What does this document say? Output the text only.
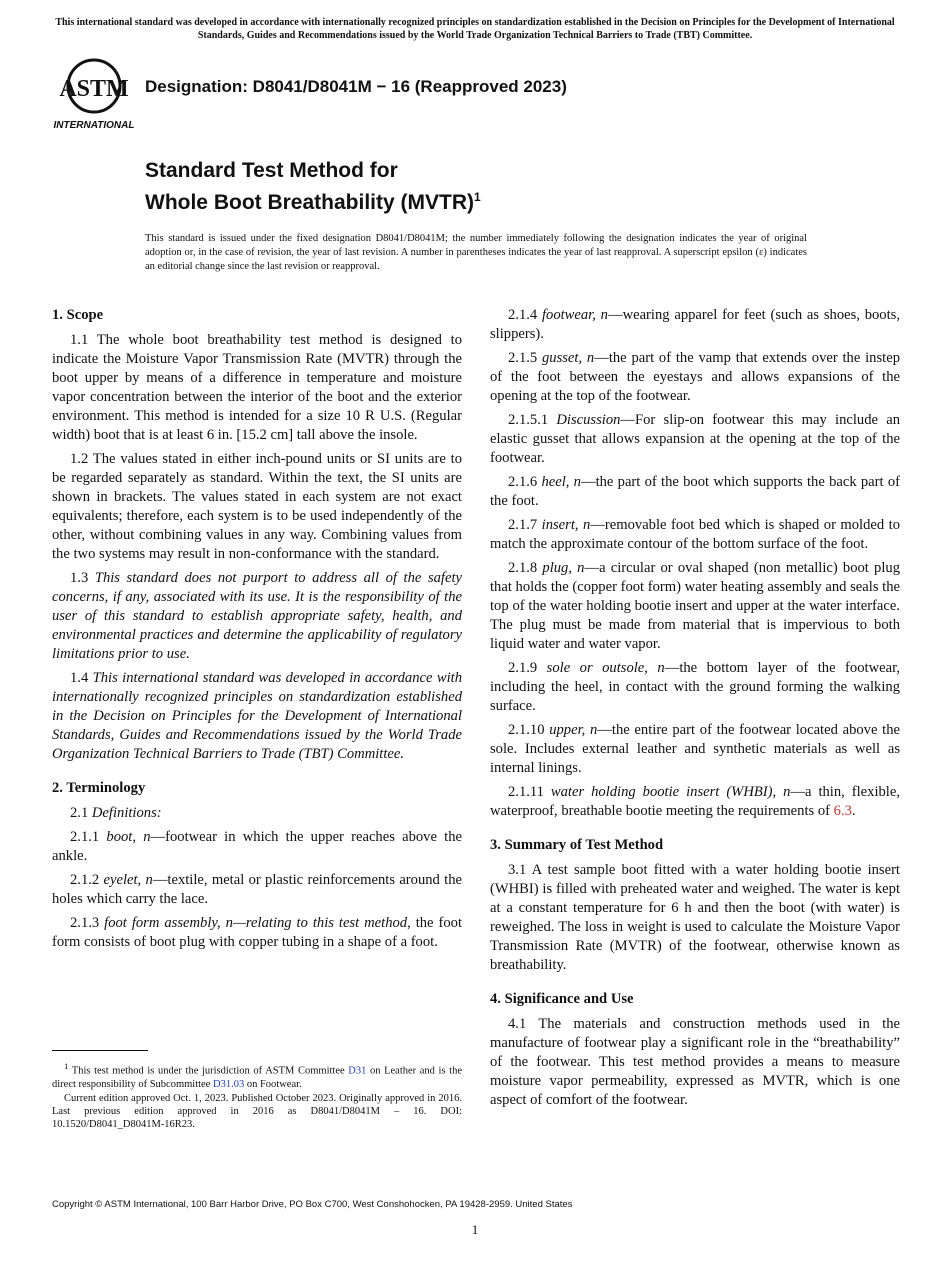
This international standard was developed in accordance with internationally recognized principles on standardization established in the Decision on Principles for the Development of International Standards, Guides and Recommendations issued by the World Trade Organization Technical Barriers to Trade (TBT) Committee.
ASTM
INTERNATIONAL
Designation: D8041/D8041M − 16 (Reapproved 2023)
Standard Test Method for
Whole Boot Breathability (MVTR)$^1$
This standard is issued under the fixed designation D8041/D8041M; the number immediately following the designation indicates the year of original adoption or, in the case of revision, the year of last revision. A number in parentheses indicates the year of last reapproval. A superscript epsilon (ε) indicates an editorial change since the last revision or reapproval.
1. Scope

1.1 The whole boot breathability test method is designed to indicate the Moisture Vapor Transmission Rate (MVTR) through the boot upper by means of a difference in temperature and moisture vapor concentration between the interior of the boot and the exterior environment. This method is intended for a size 10 R U.S. (Regular width) boot that is at least 6 in. [15.2 cm] tall above the insole.

1.2 The values stated in either inch-pound units or SI units are to be regarded separately as standard. Within the text, the SI units are shown in brackets. The values stated in each system are not exact equivalents; therefore, each system is to be used independently of the other, without combining values in any way. Combining values from the two systems may result in non-conformance with the standard.

1.3 This standard does not purport to address all of the safety concerns, if any, associated with its use. It is the responsibility of the user of this standard to establish appropriate safety, health, and environmental practices and determine the applicability of regulatory limitations prior to use.

1.4 This international standard was developed in accordance with internationally recognized principles on standardization established in the Decision on Principles for the Development of International Standards, Guides and Recommendations issued by the World Trade Organization Technical Barriers to Trade (TBT) Committee.

2. Terminology

2.1 Definitions:

2.1.1 boot, n—footwear in which the upper reaches above the ankle.

2.1.2 eyelet, n—textile, metal or plastic reinforcements around the holes which carry the lace.

2.1.3 foot form assembly, n—relating to this test method, the foot form consists of boot plug with copper tubing in a shape of a foot.

2.1.4 footwear, n—wearing apparel for feet (such as shoes, boots, slippers).

2.1.5 gusset, n—the part of the vamp that extends over the instep of the foot between the eyestays and allows expansions of the opening at the top of the footwear.

2.1.5.1 Discussion—For slip-on footwear this may include an elastic gusset that allows expansion at the opening at the top of the footwear.

2.1.6 heel, n—the part of the boot which supports the back part of the foot.

2.1.7 insert, n—removable foot bed which is shaped or molded to match the approximate contour of the bottom surface of the foot.

2.1.8 plug, n—a circular or oval shaped (non metallic) boot plug that holds the (copper foot form) water heating assembly and seals the top of the water holding bootie insert and upper at the water interface. The plug must be made from material that is impervious to both liquid water and water vapor.

2.1.9 sole or outsole, n—the bottom layer of the footwear, including the heel, in contact with the ground forming the walking surface.

2.1.10 upper, n—the entire part of the footwear located above the sole. Includes external leather and synthetic materials as well as internal linings.

2.1.11 water holding bootie insert (WHBI), n—a thin, flexible, waterproof, breathable bootie meeting the requirements of 6.3.

3. Summary of Test Method

3.1 A test sample boot fitted with a water holding bootie insert (WHBI) is filled with preheated water and weighed. The water is kept at a constant temperature for 6 h and then the boot (with water) is reweighed. The loss in weight is used to calculate the Moisture Vapor Transmission Rate (MVTR) of the footwear, otherwise known as breathability.

4. Significance and Use

4.1 The materials and construction methods used in the manufacture of footwear play a significant role in the “breathability” of the footwear. This test method provides a means to measure moisture vapor permeability, expressed as MVTR, which is one aspect of comfort of the footwear.

$^1$ This test method is under the jurisdiction of ASTM Committee D31 on Leather and is the direct responsibility of Subcommittee D31.03 on Footwear.

Current edition approved Oct. 1, 2023. Published October 2023. Originally approved in 2016. Last previous edition approved in 2016 as D8041/D8041M – 16. DOI: 10.1520/D8041_D8041M-16R23.

Copyright © ASTM International, 100 Barr Harbor Drive, PO Box C700, West Conshohocken, PA 19428-2959. United States
1
